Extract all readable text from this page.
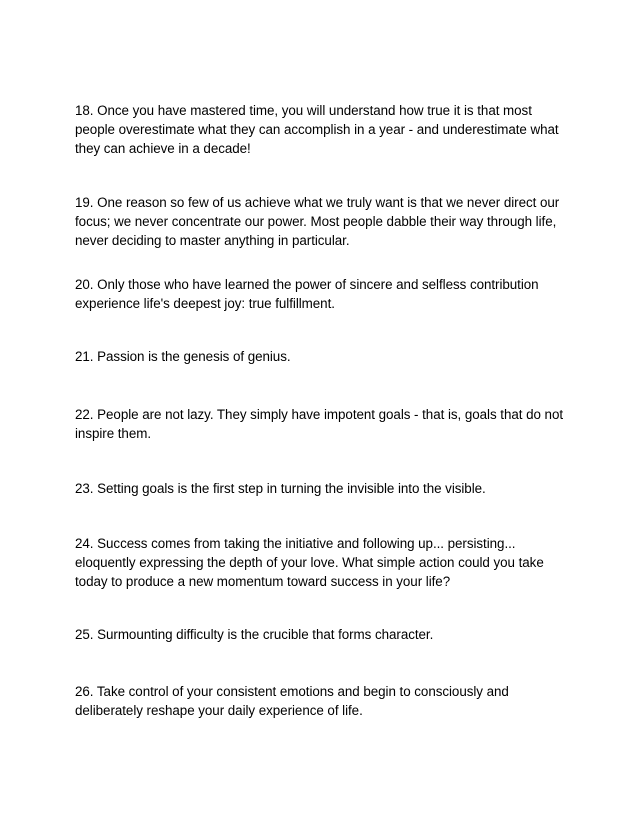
18. Once you have mastered time, you will understand how true it is that most people overestimate what they can accomplish in a year - and underestimate what they can achieve in a decade!

19. One reason so few of us achieve what we truly want is that we never direct our focus; we never concentrate our power. Most people dabble their way through life, never deciding to master anything in particular.

20. Only those who have learned the power of sincere and selfless contribution experience life's deepest joy: true fulfillment.

21. Passion is the genesis of genius.

22. People are not lazy. They simply have impotent goals - that is, goals that do not inspire them.

23. Setting goals is the first step in turning the invisible into the visible.

24. Success comes from taking the initiative and following up... persisting... eloquently expressing the depth of your love. What simple action could you take today to produce a new momentum toward success in your life?

25. Surmounting difficulty is the crucible that forms character.

26. Take control of your consistent emotions and begin to consciously and deliberately reshape your daily experience of life.
